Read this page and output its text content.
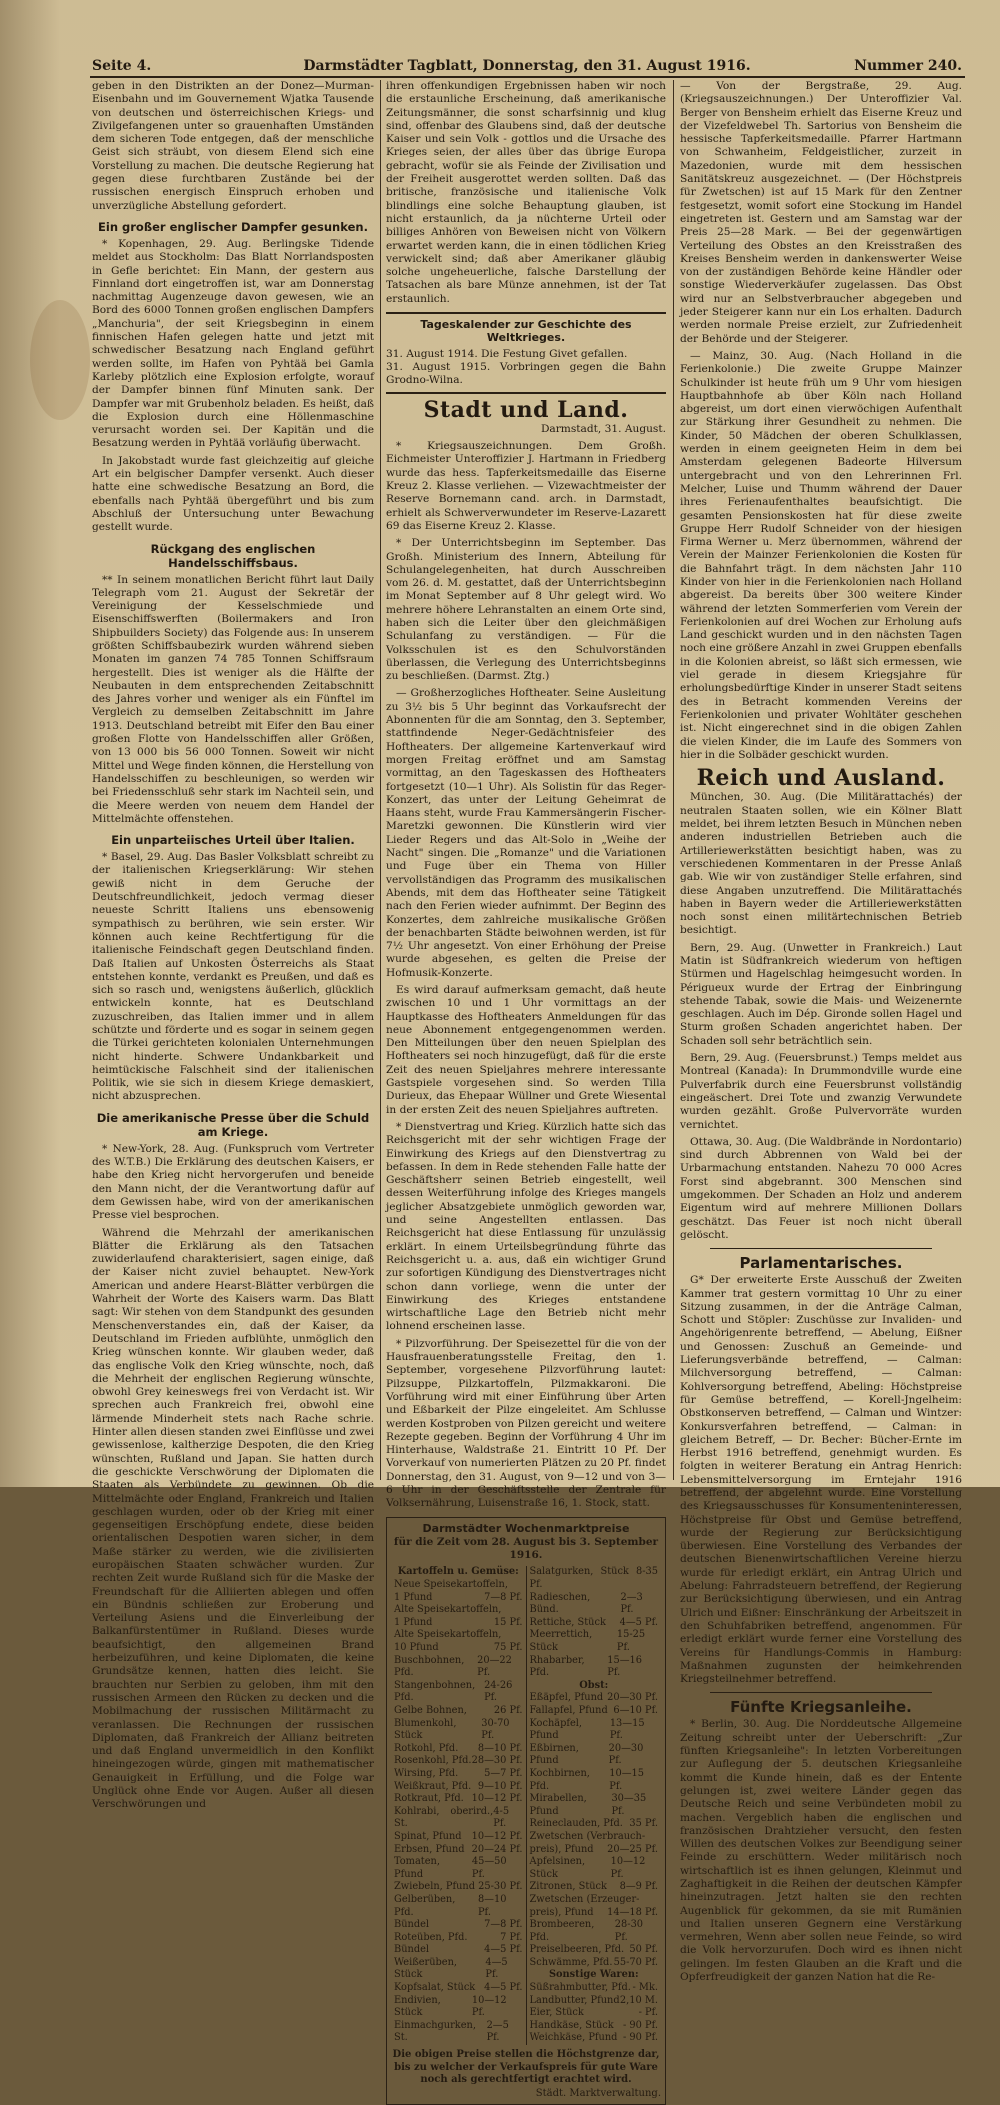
Seite 4.	Darmstädter Tagblatt, Donnerstag, den 31. August 1916.	Nummer 240.

geben in den Distrikten an der Donez—Murman-Eisenbahn und im Gouvernement Wjatka Tausende von deutschen und österreichischen Kriegs- und Zivilgefangenen unter so grauenhaften Umständen dem sicheren Tode entgegen, daß der menschliche Geist sich sträubt, von diesem Elend sich eine Vorstellung zu machen. Die deutsche Regierung hat gegen diese furchtbaren Zustände bei der russischen energisch Einspruch erhoben und unverzügliche Abstellung gefordert.

Ein großer englischer Dampfer gesunken.

* Kopenhagen, 29. Aug. Berlingske Tidende meldet aus Stockholm: Das Blatt Norrlandsposten in Gefle berichtet: Ein Mann, der gestern aus Finnland dort eingetroffen ist, war am Donnerstag nachmittag Augenzeuge davon gewesen, wie an Bord des 6000 Tonnen großen englischen Dampfers „Manchuria", der seit Kriegsbeginn in einem finnischen Hafen gelegen hatte und jetzt mit schwedischer Besatzung nach England geführt werden sollte, im Hafen von Pyhtää bei Gamla Karleby plötzlich eine Explosion erfolgte, worauf der Dampfer binnen fünf Minuten sank. Der Dampfer war mit Grubenholz beladen. Es heißt, daß die Explosion durch eine Höllenmaschine verursacht worden sei. Der Kapitän und die Besatzung werden in Pyhtää vorläufig überwacht.

In Jakobstadt wurde fast gleichzeitig auf gleiche Art ein belgischer Dampfer versenkt. Auch dieser hatte eine schwedische Besatzung an Bord, die ebenfalls nach Pyhtää übergeführt und bis zum Abschluß der Untersuchung unter Bewachung gestellt wurde.

Rückgang des englischen Handelsschiffsbaus.

** In seinem monatlichen Bericht führt laut Daily Telegraph vom 21. August der Sekretär der Vereinigung der Kesselschmiede und Eisenschiffswerften (Boilermakers and Iron Shipbuilders Society) das Folgende aus: In unserem größten Schiffsbaubezirk wurden während sieben Monaten im ganzen 74 785 Tonnen Schiffsraum hergestellt. Dies ist weniger als die Hälfte der Neubauten in dem entsprechenden Zeitabschnitt des Jahres vorher und weniger als ein Fünftel im Vergleich zu demselben Zeitabschnitt im Jahre 1913. Deutschland betreibt mit Eifer den Bau einer großen Flotte von Handelsschiffen aller Größen, von 13 000 bis 56 000 Tonnen. Soweit wir nicht Mittel und Wege finden können, die Herstellung von Handelsschiffen zu beschleunigen, so werden wir bei Friedensschluß sehr stark im Nachteil sein, und die Meere werden von neuem dem Handel der Mittelmächte offenstehen.

Ein unparteiisches Urteil über Italien.

* Basel, 29. Aug. Das Basler Volksblatt schreibt zu der italienischen Kriegserklärung: Wir stehen gewiß nicht in dem Geruche der Deutschfreundlichkeit, jedoch vermag dieser neueste Schritt Italiens uns ebensowenig sympathisch zu berühren, wie sein erster. Wir können auch keine Rechtfertigung für die italienische Feindschaft gegen Deutschland finden. Daß Italien auf Unkosten Österreichs als Staat entstehen konnte, verdankt es Preußen, und daß es sich so rasch und, wenigstens äußerlich, glücklich entwickeln konnte, hat es Deutschland zuzuschreiben, das Italien immer und in allem schützte und förderte und es sogar in seinem gegen die Türkei gerichteten kolonialen Unternehmungen nicht hinderte. Schwere Undankbarkeit und heimtückische Falschheit sind der italienischen Politik, wie sie sich in diesem Kriege demaskiert, nicht abzusprechen.

Die amerikanische Presse über die Schuld am Kriege.

* New-York, 28. Aug. (Funkspruch vom Vertreter des W.T.B.) Die Erklärung des deutschen Kaisers, er habe den Krieg nicht hervorgerufen und beneide den Mann nicht, der die Verantwortung dafür auf dem Gewissen habe, wird von der amerikanischen Presse viel besprochen.

Während die Mehrzahl der amerikanischen Blätter die Erklärung als den Tatsachen zuwiderlaufend charakterisiert, sagen einige, daß der Kaiser nicht zuviel behauptet. New-York American und andere Hearst-Blätter verbürgen die Wahrheit der Worte des Kaisers warm. Das Blatt sagt: Wir stehen von dem Standpunkt des gesunden Menschenverstandes ein, daß der Kaiser, da Deutschland im Frieden aufblühte, unmöglich den Krieg wünschen konnte. Wir glauben weder, daß das englische Volk den Krieg wünschte, noch, daß die Mehrheit der englischen Regierung wünschte, obwohl Grey keineswegs frei von Verdacht ist. Wir sprechen auch Frankreich frei, obwohl eine lärmende Minderheit stets nach Rache schrie. Hinter allen diesen standen zwei Einflüsse und zwei gewissenlose, kaltherzige Despoten, die den Krieg wünschten, Rußland und Japan. Sie hatten durch die geschickte Verschwörung der Diplomaten die Staaten als Verbündete zu gewinnen. Ob die Mittelmächte oder England, Frankreich und Italien geschlagen wurden, oder ob der Krieg mit einer gegenseitigen Erschöpfung endete, diese beiden orientalischen Despotien waren sicher, in dem Maße stärker zu werden, wie die zivilisierten europäischen Staaten schwächer wurden. Zur rechten Zeit wurde Rußland sich für die Maske der Freundschaft für die Alliierten ablegen und offen ein Bündnis schließen zur Eroberung und Verteilung Asiens und die Einverleibung der Balkanfürstentümer in Rußland. Dieses wurde beaufsichtigt, den allgemeinen Brand herbeizuführen, und keine Diplomaten, die keine Grundsätze kennen, hatten dies leicht. Sie brauchten nur Serbien zu geloben, ihm mit den russischen Armeen den Rücken zu decken und die Mobilmachung der russischen Militärmacht zu veranlassen. Die Rechnungen der russischen Diplomaten, daß Frankreich der Allianz beitreten und daß England unvermeidlich in den Konflikt hineingezogen würde, gingen mit mathematischer Genauigkeit in Erfüllung, und die Folge war Unglück ohne Ende vor Augen. Außer all diesen Verschwörungen und

ihren offenkundigen Ergebnissen haben wir noch die erstaunliche Erscheinung, daß amerikanische Zeitungsmänner, die sonst scharfsinnig und klug sind, offenbar des Glaubens sind, daß der deutsche Kaiser und sein Volk - gottlos und die Ursache des Krieges seien, der alles über das übrige Europa gebracht, wofür sie als Feinde der Zivilisation und der Freiheit ausgerottet werden sollten. Daß das britische, französische und italienische Volk blindlings eine solche Behauptung glauben, ist nicht erstaunlich, da ja nüchterne Urteil oder billiges Anhören von Beweisen nicht von Völkern erwartet werden kann, die in einen tödlichen Krieg verwickelt sind; daß aber Amerikaner gläubig solche ungeheuerliche, falsche Darstellung der Tatsachen als bare Münze annehmen, ist der Tat erstaunlich.

Tageskalender zur Geschichte des Weltkrieges.

31. August 1914. Die Festung Givet gefallen.

31. August 1915. Vorbringen gegen die Bahn Grodno-Wilna.

Stadt und Land.

Darmstadt, 31. August.

* Kriegsauszeichnungen. Dem Großh. Eichmeister Unteroffizier J. Hartmann in Friedberg wurde das hess. Tapferkeitsmedaille das Eiserne Kreuz 2. Klasse verliehen. — Vizewachtmeister der Reserve Bornemann cand. arch. in Darmstadt, erhielt als Schwerverwundeter im Reserve-Lazarett 69 das Eiserne Kreuz 2. Klasse.

* Der Unterrichtsbeginn im September. Das Großh. Ministerium des Innern, Abteilung für Schulangelegenheiten, hat durch Ausschreiben vom 26. d. M. gestattet, daß der Unterrichtsbeginn im Monat September auf 8 Uhr gelegt wird. Wo mehrere höhere Lehranstalten an einem Orte sind, haben sich die Leiter über den gleichmäßigen Schulanfang zu verständigen. — Für die Volksschulen ist es den Schulvorständen überlassen, die Verlegung des Unterrichtsbeginns zu beschließen. (Darmst. Ztg.)

— Großherzogliches Hoftheater. Seine Ausleitung zu 3½ bis 5 Uhr beginnt das Vorkaufsrecht der Abonnenten für die am Sonntag, den 3. September, stattfindende Neger-Gedächtnisfeier des Hoftheaters. Der allgemeine Kartenverkauf wird morgen Freitag eröffnet und am Samstag vormittag, an den Tageskassen des Hoftheaters fortgesetzt (10—1 Uhr). Als Solistin für das Reger-Konzert, das unter der Leitung Geheimrat de Haans steht, wurde Frau Kammersängerin Fischer-Maretzki gewonnen. Die Künstlerin wird vier Lieder Regers und das Alt-Solo in „Weihe der Nacht" singen. Die „Romanze" und die Variationen und Fuge über ein Thema von Hiller vervollständigen das Programm des musikalischen Abends, mit dem das Hoftheater seine Tätigkeit nach den Ferien wieder aufnimmt. Der Beginn des Konzertes, dem zahlreiche musikalische Größen der benachbarten Städte beiwohnen werden, ist für 7½ Uhr angesetzt. Von einer Erhöhung der Preise wurde abgesehen, es gelten die Preise der Hofmusik-Konzerte.

Es wird darauf aufmerksam gemacht, daß heute zwischen 10 und 1 Uhr vormittags an der Hauptkasse des Hoftheaters Anmeldungen für das neue Abonnement entgegengenommen werden. Den Mitteilungen über den neuen Spielplan des Hoftheaters sei noch hinzugefügt, daß für die erste Zeit des neuen Spieljahres mehrere interessante Gastspiele vorgesehen sind. So werden Tilla Durieux, das Ehepaar Wüllner und Grete Wiesental in der ersten Zeit des neuen Spieljahres auftreten.

* Dienstvertrag und Krieg. Kürzlich hatte sich das Reichsgericht mit der sehr wichtigen Frage der Einwirkung des Kriegs auf den Dienstvertrag zu befassen. In dem in Rede stehenden Falle hatte der Geschäftsherr seinen Betrieb eingestellt, weil dessen Weiterführung infolge des Krieges mangels jeglicher Absatzgebiete unmöglich geworden war, und seine Angestellten entlassen. Das Reichsgericht hat diese Entlassung für unzulässig erklärt. In einem Urteilsbegründung führte das Reichsgericht u. a. aus, daß ein wichtiger Grund zur sofortigen Kündigung des Dienstvertrages nicht schon dann vorliege, wenn die unter der Einwirkung des Krieges entstandene wirtschaftliche Lage den Betrieb nicht mehr lohnend erscheinen lasse.

* Pilzvorführung. Der Speisezettel für die von der Hausfrauenberatungsstelle Freitag, den 1. September, vorgesehene Pilzvorführung lautet: Pilzsuppe, Pilzkartoffeln, Pilzmakkaroni. Die Vorführung wird mit einer Einführung über Arten und Eßbarkeit der Pilze eingeleitet. Am Schlusse werden Kostproben von Pilzen gereicht und weitere Rezepte gegeben. Beginn der Vorführung 4 Uhr im Hinterhause, Waldstraße 21. Eintritt 10 Pf. Der Vorverkauf von numerierten Plätzen zu 20 Pf. findet Donnerstag, den 31. August, von 9—12 und von 3—6 Uhr in der Geschäftsstelle der Zentrale für Volksernährung, Luisenstraße 16, 1. Stock, statt.

Darmstädter Wochenmarktpreise
für die Zeit vom 28. August bis 3. September 1916.
Kartoffeln u. Gemüse:
Neue Speisekartoffeln,
1 Pfund	7—8 Pf.
Alte Speisekartoffeln,
1 Pfund	15 Pf.
Alte Speisekartoffeln,
10 Pfund	75 Pf.
Buschbohnen, Pfd.
20—22 Pf.
Stangenbohnen, Pfd.
24-26 Pf.
Gelbe Bohnen,	26 Pf.
Blumenkohl, Stück
30-70 Pf.
Rotkohl, Pfd. 8—10 Pf.
Rosenkohl, Pfd. 28—30 Pf.
Wirsing, Pfd.	5—7 Pf.
Weißkraut, Pfd. 9—10 Pf.
Rotkraut, Pfd. 10—12 Pf.
Kohlrabi, oberird., St.
4-5 Pf.
Spinat, Pfund 10—12 Pf.
Erbsen, Pfund 20—24 Pf.
Tomaten, Pfund
45—50 Pf.
Zwiebeln, Pfund 25-30 Pf.
Gelberüben, Pfd.
8—10 Pf.
Bündel	7—8 Pf.
Roteüben, Pfd.	7 Pf.
Bündel	4—5 Pf.
Weißerüben, Stück
4—5 Pf.
Kopfsalat, Stück 4—5 Pf.
Endivien, Stück
10—12 Pf.
Einmachgurken, St.
2—5 Pf.
Salatgurken, Stück 8-35 Pf.
Radieschen, Bünd.
2—3 Pf.
Rettiche, Stück 4—5 Pf.
Meerrettich, Stück
15-25 Pf.
Rhabarber, Pfd.
15—16 Pf.
Obst:
Eßäpfel, Pfund 20—30 Pf.
Fallapfel, Pfund 6—10 Pf.
Kochäpfel, Pfund
13—15 Pf.
Eßbirnen, Pfund
20—30 Pf.
Kochbirnen, Pfd.
10—15 Pf.
Mirabellen, Pfund
30—35 Pf.
Reineclauden, Pfd. 35 Pf.
Zwetschen (Verbrauch-
preis), Pfund 20—25 Pf.
Apfelsinen, Stück
10—12 Pf.
Zitronen, Stück 8—9 Pf.
Zwetschen (Erzeuger-
preis), Pfund 14—18 Pf.
Brombeeren, Pfd.
28-30 Pf.
Preiselbeeren, Pfd. 50 Pf.
Schwämme, Pfd. 55-70 Pf.
Sonstige Waren:
Süßrahmbutter, Pfd. - Mk.
Landbutter, Pfund 2,10 M.
Eier, Stück	- Pf.
Handkäse, Stück - 90 Pf.
Weichkäse, Pfund - 90 Pf.
Die obigen Preise stellen die Höchstgrenze dar, bis zu welcher der Verkaufspreis für gute Ware noch als gerechtfertigt erachtet wird.
Städt. Marktverwaltung.

— Von der Bergstraße, 29. Aug. (Kriegsauszeichnungen.) Der Unteroffizier Val. Berger von Bensheim erhielt das Eiserne Kreuz und der Vizefeldwebel Th. Sartorius von Bensheim die hessische Tapferkeitsmedaille. Pfarrer Hartmann von Schwanheim, Feldgeistlicher, zurzeit in Mazedonien, wurde mit dem hessischen Sanitätskreuz ausgezeichnet. — (Der Höchstpreis für Zwetschen) ist auf 15 Mark für den Zentner festgesetzt, womit sofort eine Stockung im Handel eingetreten ist. Gestern und am Samstag war der Preis 25—28 Mark. — Bei der gegenwärtigen Verteilung des Obstes an den Kreisstraßen des Kreises Bensheim werden in dankenswerter Weise von der zuständigen Behörde keine Händler oder sonstige Wiederverkäufer zugelassen. Das Obst wird nur an Selbstverbraucher abgegeben und jeder Steigerer kann nur ein Los erhalten. Dadurch werden normale Preise erzielt, zur Zufriedenheit der Behörde und der Steigerer.

— Mainz, 30. Aug. (Nach Holland in die Ferienkolonie.) Die zweite Gruppe Mainzer Schulkinder ist heute früh um 9 Uhr vom hiesigen Hauptbahnhofe ab über Köln nach Holland abgereist, um dort einen vierwöchigen Aufenthalt zur Stärkung ihrer Gesundheit zu nehmen. Die Kinder, 50 Mädchen der oberen Schulklassen, werden in einem geeigneten Heim in dem bei Amsterdam gelegenen Badeorte Hilversum untergebracht und von den Lehrerinnen Frl. Melcher, Luise und Thumm während der Dauer ihres Ferienaufenthaltes beaufsichtigt. Die gesamten Pensionskosten hat für diese zweite Gruppe Herr Rudolf Schneider von der hiesigen Firma Werner u. Merz übernommen, während der Verein der Mainzer Ferienkolonien die Kosten für die Bahnfahrt trägt. In dem nächsten Jahr 110 Kinder von hier in die Ferienkolonien nach Holland abgereist. Da bereits über 300 weitere Kinder während der letzten Sommerferien vom Verein der Ferienkolonien auf drei Wochen zur Erholung aufs Land geschickt wurden und in den nächsten Tagen noch eine größere Anzahl in zwei Gruppen ebenfalls in die Kolonien abreist, so läßt sich ermessen, wie viel gerade in diesem Kriegsjahre für erholungsbedürftige Kinder in unserer Stadt seitens des in Betracht kommenden Vereins der Ferienkolonien und privater Wohltäter geschehen ist. Nicht eingerechnet sind in die obigen Zahlen die vielen Kinder, die im Laufe des Sommers von hier in die Solbäder geschickt wurden.

Reich und Ausland.

München, 30. Aug. (Die Militärattachés) der neutralen Staaten sollen, wie ein Kölner Blatt meldet, bei ihrem letzten Besuch in München neben anderen industriellen Betrieben auch die Artilleriewerkstätten besichtigt haben, was zu verschiedenen Kommentaren in der Presse Anlaß gab. Wie wir von zuständiger Stelle erfahren, sind diese Angaben unzutreffend. Die Militärattachés haben in Bayern weder die Artilleriewerkstätten noch sonst einen militärtechnischen Betrieb besichtigt.

Bern, 29. Aug. (Unwetter in Frankreich.) Laut Matin ist Südfrankreich wiederum von heftigen Stürmen und Hagelschlag heimgesucht worden. In Périgueux wurde der Ertrag der Einbringung stehende Tabak, sowie die Mais- und Weizenernte geschlagen. Auch im Dép. Gironde sollen Hagel und Sturm großen Schaden angerichtet haben. Der Schaden soll sehr beträchtlich sein.

Bern, 29. Aug. (Feuersbrunst.) Temps meldet aus Montreal (Kanada): In Drummondville wurde eine Pulverfabrik durch eine Feuersbrunst vollständig eingeäschert. Drei Tote und zwanzig Verwundete wurden gezählt. Große Pulvervorräte wurden vernichtet.

Ottawa, 30. Aug. (Die Waldbrände in Nordontario) sind durch Abbrennen von Wald bei der Urbarmachung entstanden. Nahezu 70 000 Acres Forst sind abgebrannt. 300 Menschen sind umgekommen. Der Schaden an Holz und anderem Eigentum wird auf mehrere Millionen Dollars geschätzt. Das Feuer ist noch nicht überall gelöscht.

Parlamentarisches.

G* Der erweiterte Erste Ausschuß der Zweiten Kammer trat gestern vormittag 10 Uhr zu einer Sitzung zusammen, in der die Anträge Calman, Schott und Stöpler: Zuschüsse zur Invaliden- und Angehörigenrente betreffend, — Abelung, Eißner und Genossen: Zuschuß an Gemeinde- und Lieferungsverbände betreffend, — Calman: Milchversorgung betreffend, — Calman: Kohlversorgung betreffend, Abeling: Höchstpreise für Gemüse betreffend, — Korell-Jngelheim: Obstkonserven betreffend, — Calman und Wintzer: Konkursverfahren betreffend, — Calman: in gleichem Betreff, — Dr. Becher: Bücher-Ernte im Herbst 1916 betreffend, genehmigt wurden. Es folgten in weiterer Beratung ein Antrag Henrich: Lebensmittelversorgung im Erntejahr 1916 betreffend, der abgelehnt wurde. Eine Vorstellung des Kriegsausschusses für Konsumenteninteressen, Höchstpreise für Obst und Gemüse betreffend, wurde der Regierung zur Berücksichtigung überwiesen. Eine Vorstellung des Verbandes der deutschen Bienenwirtschaftlichen Vereine hierzu wurde für erledigt erklärt, ein Antrag Ulrich und Abelung: Fahrradsteuern betreffend, der Regierung zur Berücksichtigung überwiesen, und ein Antrag Ulrich und Eißner: Einschränkung der Arbeitszeit in den Schuhfabriken betreffend, angenommen. Für erledigt erklärt wurde ferner eine Vorstellung des Vereins für Handlungs-Commis in Hamburg: Maßnahmen zugunsten der heimkehrenden Kriegsteilnehmer betreffend.

Fünfte Kriegsanleihe.

* Berlin, 30. Aug. Die Norddeutsche Allgemeine Zeitung schreibt unter der Ueberschrift: „Zur fünften Kriegsanleihe": In letzten Vorbereitungen zur Auflegung der 5. deutschen Kriegsanleihe kommt die Kunde hinein, daß es der Entente gelungen ist, zwei weitere Länder gegen das Deutsche Reich und seine Verbündeten mobil zu machen. Vergeblich haben die englischen und französischen Drahtzieher versucht, den festen Willen des deutschen Volkes zur Beendigung seiner Feinde zu erschüttern. Weder militärisch noch wirtschaftlich ist es ihnen gelungen, Kleinmut und Zaghaftigkeit in die Reihen der deutschen Kämpfer hineinzutragen. Jetzt halten sie den rechten Augenblick für gekommen, da sie mit Rumänien und Italien unseren Gegnern eine Verstärkung vermehren, Wenn aber sollen neue Feinde, so wird die Volk hervorzurufen. Doch wird es ihnen nicht gelingen. Im festen Glauben an die Kraft und die Opferfreudigkeit der ganzen Nation hat die Re-
